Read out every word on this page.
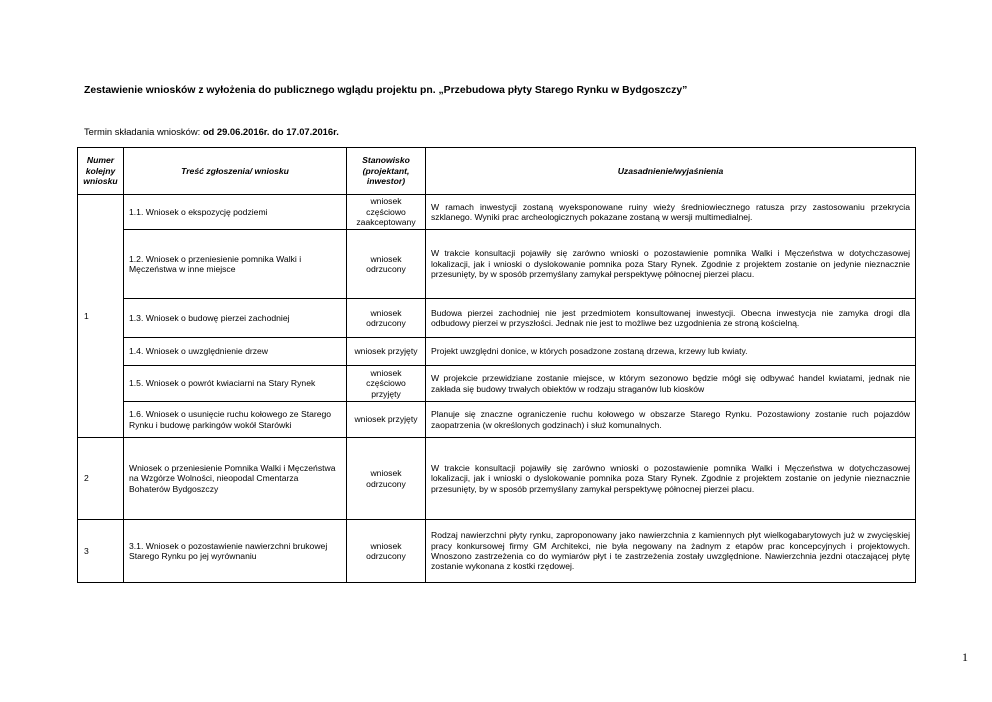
Zestawienie wniosków z wyłożenia do publicznego wglądu projektu pn. „Przebudowa płyty Starego Rynku w Bydgoszczy”
Termin składania wniosków: od 29.06.2016r. do 17.07.2016r.
Numer kolejny wniosku	Treść zgłoszenia/ wniosku	Stanowisko (projektant, inwestor)	Uzasadnienie/wyjaśnienia
1	1.1. Wniosek o ekspozycję podziemi	wniosek częściowo zaakceptowany	W ramach inwestycji zostaną wyeksponowane ruiny wieży średniowiecznego ratusza przy zastosowaniu przekrycia szklanego. Wyniki prac archeologicznych pokazane zostaną w wersji multimedialnej.
	1.2. Wniosek o przeniesienie pomnika Walki i Męczeństwa w inne miejsce	wniosek odrzucony	W trakcie konsultacji pojawiły się zarówno wnioski o pozostawienie pomnika Walki i Męczeństwa w dotychczasowej lokalizacji, jak i wnioski o dyslokowanie pomnika poza Stary Rynek. Zgodnie z projektem zostanie on jedynie nieznacznie przesunięty, by w sposób przemyślany zamykał perspektywę północnej pierzei placu.
	1.3. Wniosek o budowę pierzei zachodniej	wniosek odrzucony	Budowa pierzei zachodniej nie jest przedmiotem konsultowanej inwestycji. Obecna inwestycja nie zamyka drogi dla odbudowy pierzei w przyszłości. Jednak nie jest to możliwe bez uzgodnienia ze stroną kościelną.
	1.4. Wniosek o uwzględnienie drzew	wniosek przyjęty	Projekt uwzględni donice, w których posadzone zostaną drzewa, krzewy lub kwiaty.
	1.5. Wniosek o powrót kwiaciarni na Stary Rynek	wniosek częściowo przyjęty	W projekcie przewidziane zostanie miejsce, w którym sezonowo będzie mógł się odbywać handel kwiatami, jednak nie zakłada się budowy trwałych obiektów w rodzaju straganów lub kiosków
	1.6. Wniosek o usunięcie ruchu kołowego ze Starego Rynku i budowę parkingów wokół Starówki	wniosek przyjęty	Planuje się znaczne ograniczenie ruchu kołowego w obszarze Starego Rynku. Pozostawiony zostanie ruch pojazdów zaopatrzenia (w określonych godzinach) i służ komunalnych.
2	Wniosek o przeniesienie Pomnika Walki i Męczeństwa na Wzgórze Wolności, nieopodal Cmentarza Bohaterów Bydgoszczy	wniosek odrzucony	W trakcie konsultacji pojawiły się zarówno wnioski o pozostawienie pomnika Walki i Męczeństwa w dotychczasowej lokalizacji, jak i wnioski o dyslokowanie pomnika poza Stary Rynek. Zgodnie z projektem zostanie on jedynie nieznacznie przesunięty, by w sposób przemyślany zamykał perspektywę północnej pierzei placu.
3	3.1. Wniosek o pozostawienie nawierzchni brukowej Starego Rynku po jej wyrównaniu	wniosek odrzucony	Rodzaj nawierzchni płyty rynku, zaproponowany jako nawierzchnia z kamiennych płyt wielkogabarytowych już w zwycięskiej pracy konkursowej firmy GM Architekci, nie była negowany na żadnym z etapów prac koncepcyjnych i projektowych. Wnoszono zastrzeżenia co do wymiarów płyt i te zastrzeżenia zostały uwzględnione. Nawierzchnia jezdni otaczającej płytę zostanie wykonana z kostki rzędowej.
1
